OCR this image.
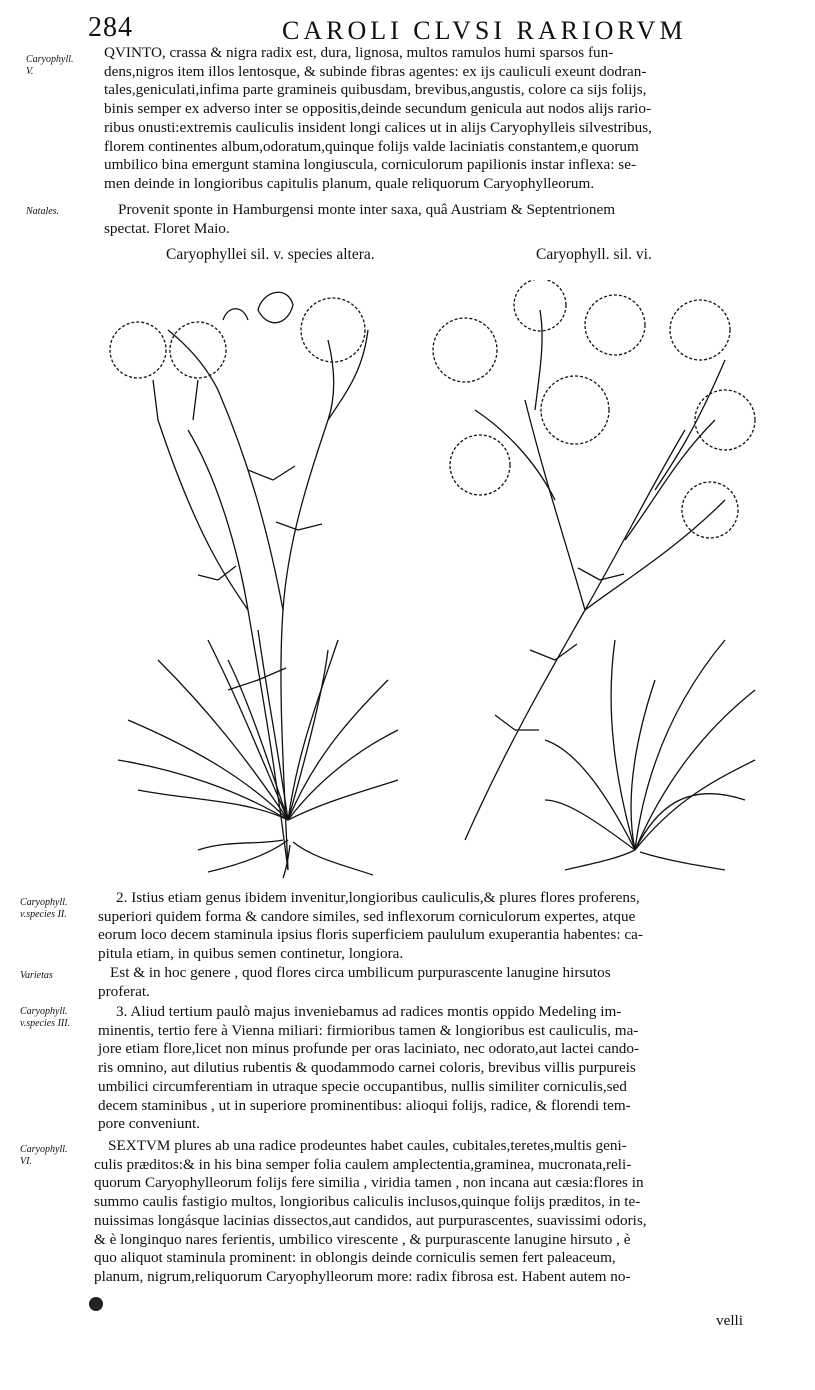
284	CAROLI CLVSI RARIORVM
Caryophyll.
V.
QVINTO, crassa & nigra radix est, dura, lignosa, multos ramulos humi sparsos fun-
dens,nigros item illos lentosque, & subinde fibras agentes: ex ijs cauliculi exeunt dodran-
tales,geniculati,infima parte gramineis quibusdam, brevibus,angustis, colore ca sijs folijs,
binis semper ex adverso inter se oppositis,deinde secundum genicula aut nodos alijs rario-
ribus onusti:extremis cauliculis insident longi calices ut in alijs Caryophylleis silvestribus,
florem continentes album,odoratum,quinque folijs valde laciniatis constantem,e quorum
umbilico bina emergunt stamina longiuscula, corniculorum papilionis instar inflexa: se-
men deinde in longioribus capitulis planum, quale reliquorum Caryophylleorum.
Natales.	Provenit sponte in Hamburgensi monte inter saxa, quâ Austriam & Septentrionem
spectat. Floret Maio.
Caryophyllei sil. v. species altera.	Caryophyll. sil. vi.
Caryophyll.
v.species II.
2. Istius etiam genus ibidem invenitur,longioribus cauliculis,& plures flores proferens,
superiori quidem forma & candore similes, sed inflexorum corniculorum expertes, atque
eorum loco decem staminula ipsius floris superficiem paululum exuperantia habentes: ca-
pitula etiam, in quibus semen continetur, longiora.
Varietas	Est & in hoc genere , quod flores circa umbilicum purpurascente lanugine hirsutos
proferat.
Caryophyll.
v.species III.
3. Aliud tertium paulò majus inveniebamus ad radices montis oppido Medeling im-
minentis, tertio fere à Vienna miliari: firmioribus tamen & longioribus est cauliculis, ma-
jore etiam flore,licet non minus profunde per oras laciniato, nec odorato,aut lactei cando-
ris omnino, aut dilutius rubentis & quodammodo carnei coloris, brevibus villis purpureis
umbilici circumferentiam in utraque specie occupantibus, nullis similiter corniculis,sed
decem staminibus , ut in superiore prominentibus: alioqui folijs, radice, & florendi tem-
pore conveniunt.
Caryophyll.
VI.
SEXTVM plures ab una radice prodeuntes habet caules, cubitales,teretes,multis geni-
culis præditos:& in his bina semper folia caulem amplectentia,graminea, mucronata,reli-
quorum Caryophylleorum folijs fere similia , viridia tamen , non incana aut cæsia:flores in
summo caulis fastigio multos, longioribus caliculis inclusos,quinque folijs præditos, in te-
nuissimas longásque lacinias dissectos,aut candidos, aut purpurascentes, suavissimi odoris,
& è longinquo nares ferientis, umbilico virescente , & purpurascente lanugine hirsuto , è
quo aliquot staminula prominent: in oblongis deinde corniculis semen fert paleaceum,
planum, nigrum,reliquorum Caryophylleorum more: radix fibrosa est. Habent autem no-
velli
